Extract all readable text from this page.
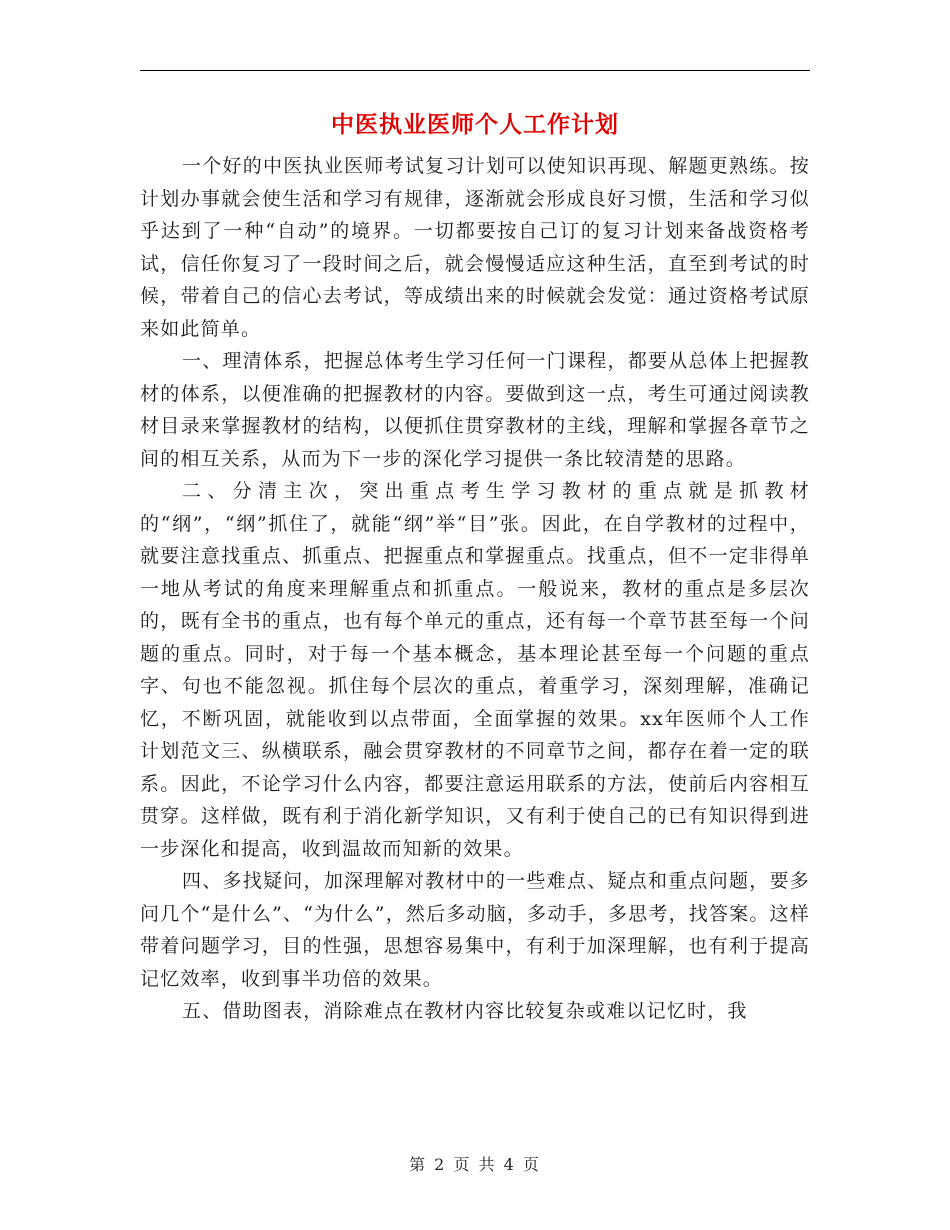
中医执业医师个人工作计划

一个好的中医执业医师考试复习计划可以使知识再现、解题更熟练。按计划办事就会使生活和学习有规律，逐渐就会形成良好习惯，生活和学习似乎达到了一种“自动”的境界。一切都要按自己订的复习计划来备战资格考试，信任你复习了一段时间之后，就会慢慢适应这种生活，直至到考试的时候，带着自己的信心去考试，等成绩出来的时候就会发觉：通过资格考试原来如此简单。

一、理清体系，把握总体考生学习任何一门课程，都要从总体上把握教材的体系，以便准确的把握教材的内容。要做到这一点，考生可通过阅读教材目录来掌握教材的结构，以便抓住贯穿教材的主线，理解和掌握各章节之间的相互关系，从而为下一步的深化学习提供一条比较清楚的思路。

二、分清主次，突出重点考生学习教材的重点就是抓教材的“纲”，“纲”抓住了，就能“纲”举“目”张。因此，在自学教材的过程中，就要注意找重点、抓重点、把握重点和掌握重点。找重点，但不一定非得单一地从考试的角度来理解重点和抓重点。一般说来，教材的重点是多层次的，既有全书的重点，也有每个单元的重点，还有每一个章节甚至每一个问题的重点。同时，对于每一个基本概念，基本理论甚至每一个问题的重点字、句也不能忽视。抓住每个层次的重点，着重学习，深刻理解，准确记忆，不断巩固，就能收到以点带面，全面掌握的效果。xx年医师个人工作计划范文三、纵横联系，融会贯穿教材的不同章节之间，都存在着一定的联系。因此，不论学习什么内容，都要注意运用联系的方法，使前后内容相互贯穿。这样做，既有利于消化新学知识，又有利于使自己的已有知识得到进一步深化和提高，收到温故而知新的效果。

四、多找疑问，加深理解对教材中的一些难点、疑点和重点问题，要多问几个“是什么”、“为什么”，然后多动脑，多动手，多思考，找答案。这样带着问题学习，目的性强，思想容易集中，有利于加深理解，也有利于提高记忆效率，收到事半功倍的效果。

五、借助图表，消除难点在教材内容比较复杂或难以记忆时，我

第 2 页 共 4 页
